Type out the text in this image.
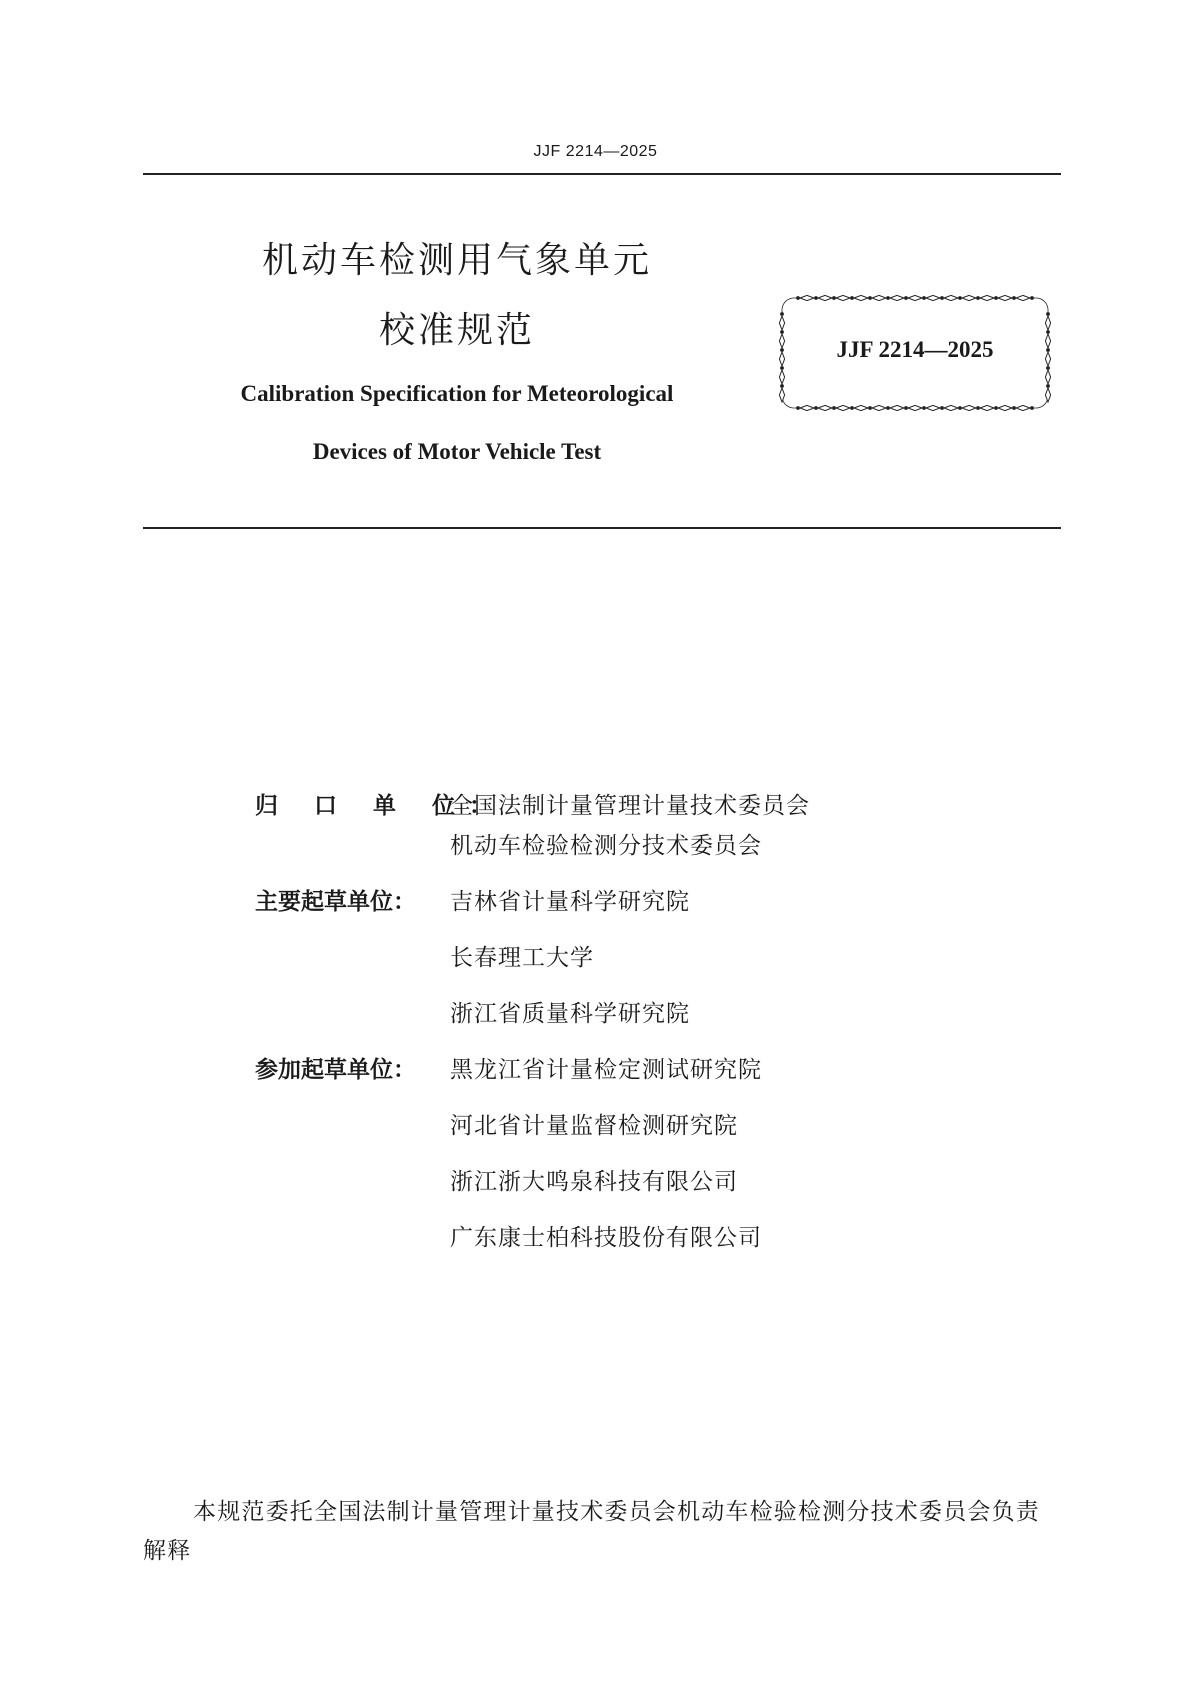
JJF 2214—2025
机动车检测用气象单元
校准规范
Calibration Specification for Meteorological
Devices of Motor Vehicle Test
JJF 2214—2025
归 口 单 位：
全国法制计量管理计量技术委员会
机动车检验检测分技术委员会
主要起草单位：	吉林省计量科学研究院
长春理工大学
浙江省质量科学研究院
参加起草单位：	黑龙江省计量检定测试研究院
河北省计量监督检测研究院
浙江浙大鸣泉科技有限公司
广东康士柏科技股份有限公司
本规范委托全国法制计量管理计量技术委员会机动车检验检测分技术委员会负责解释
